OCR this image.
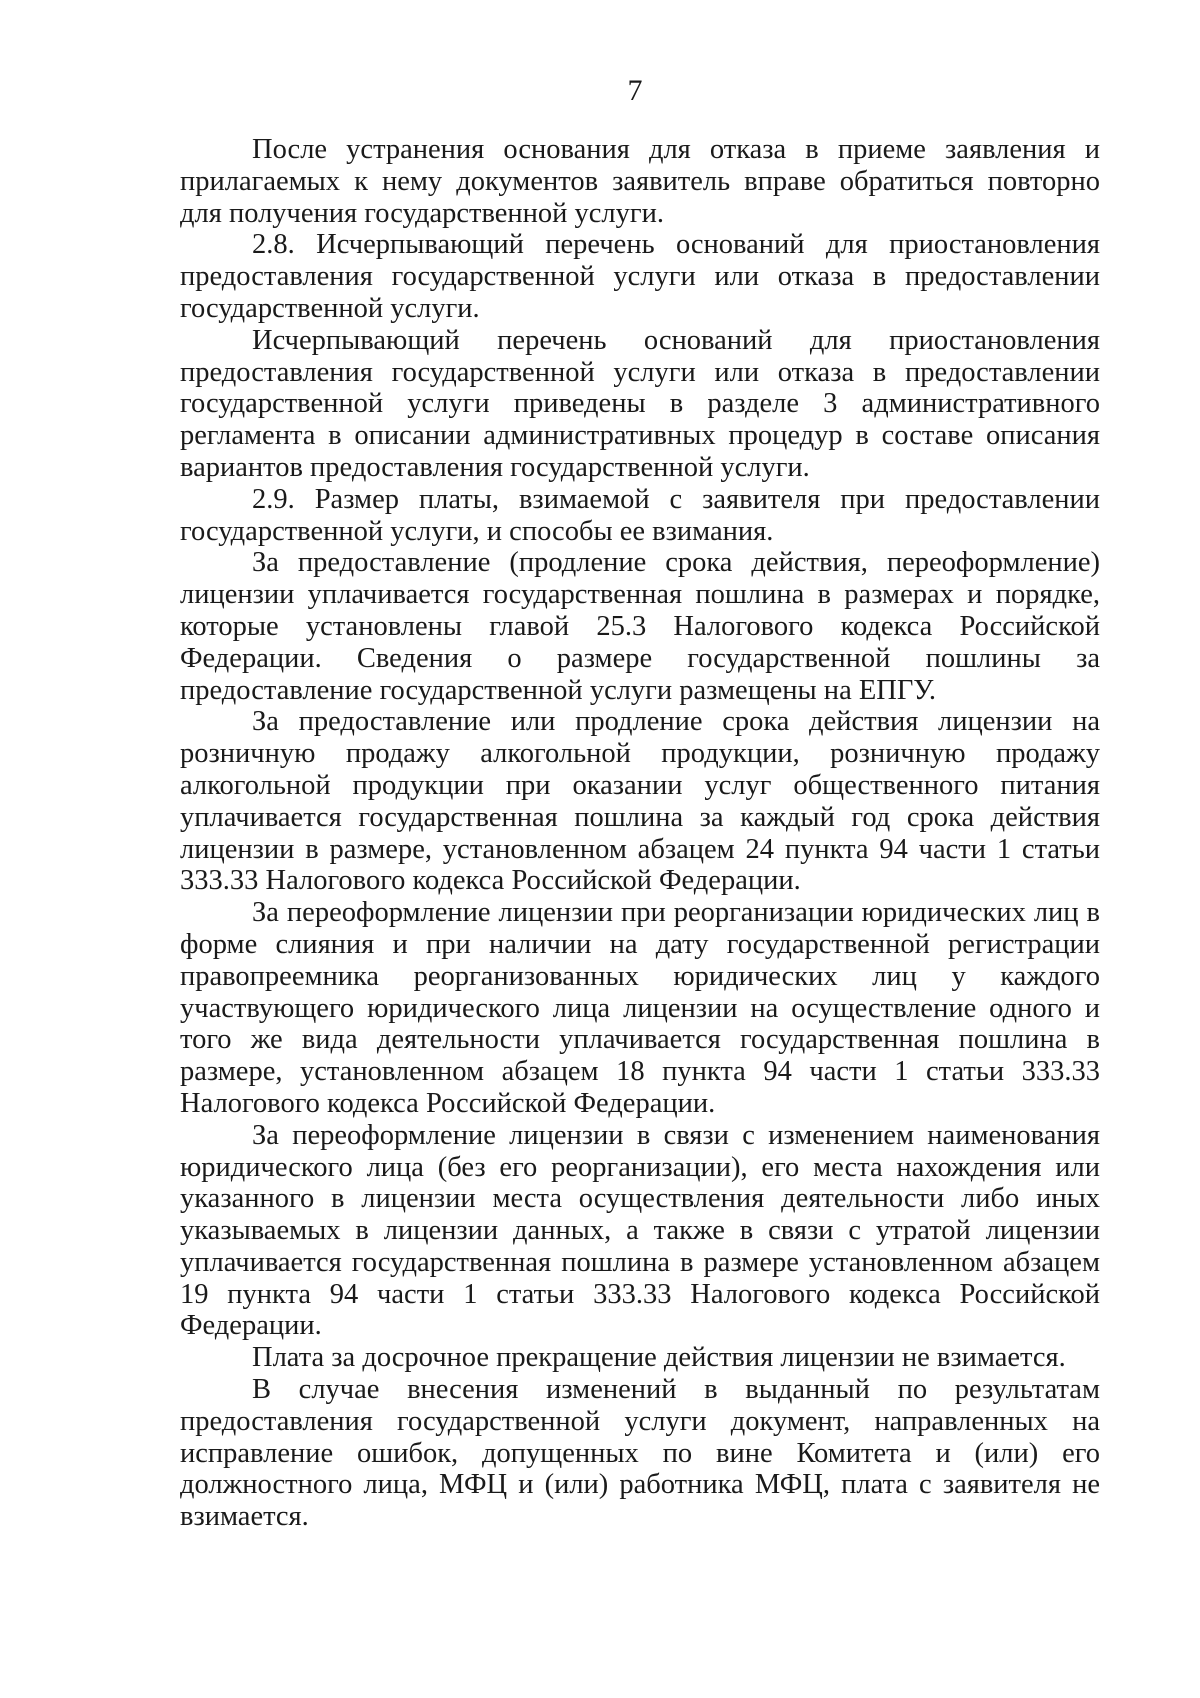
7

После устранения основания для отказа в приеме заявления и прилагаемых к нему документов заявитель вправе обратиться повторно для получения государственной услуги.

2.8. Исчерпывающий перечень оснований для приостановления предоставления государственной услуги или отказа в предоставлении государственной услуги.

Исчерпывающий перечень оснований для приостановления предоставления государственной услуги или отказа в предоставлении государственной услуги приведены в разделе 3 административного регламента в описании административных процедур в составе описания вариантов предоставления государственной услуги.

2.9. Размер платы, взимаемой с заявителя при предоставлении государственной услуги, и способы ее взимания.

За предоставление (продление срока действия, переоформление) лицензии уплачивается государственная пошлина в размерах и порядке, которые установлены главой 25.3 Налогового кодекса Российской Федерации. Сведения о размере государственной пошлины за предоставление государственной услуги размещены на ЕПГУ.

За предоставление или продление срока действия лицензии на розничную продажу алкогольной продукции, розничную продажу алкогольной продукции при оказании услуг общественного питания уплачивается государственная пошлина за каждый год срока действия лицензии в размере, установленном абзацем 24 пункта 94 части 1 статьи 333.33 Налогового кодекса Российской Федерации.

За переоформление лицензии при реорганизации юридических лиц в форме слияния и при наличии на дату государственной регистрации правопреемника реорганизованных юридических лиц у каждого участвующего юридического лица лицензии на осуществление одного и того же вида деятельности уплачивается государственная пошлина в размере, установленном абзацем 18 пункта 94 части 1 статьи 333.33 Налогового кодекса Российской Федерации.

За переоформление лицензии в связи с изменением наименования юридического лица (без его реорганизации), его места нахождения или указанного в лицензии места осуществления деятельности либо иных указываемых в лицензии данных, а также в связи с утратой лицензии уплачивается государственная пошлина в размере установленном абзацем 19 пункта 94 части 1 статьи 333.33 Налогового кодекса Российской Федерации.

Плата за досрочное прекращение действия лицензии не взимается.

В случае внесения изменений в выданный по результатам предоставления государственной услуги документ, направленных на исправление ошибок, допущенных по вине Комитета и (или) его должностного лица, МФЦ и (или) работника МФЦ, плата с заявителя не взимается.
